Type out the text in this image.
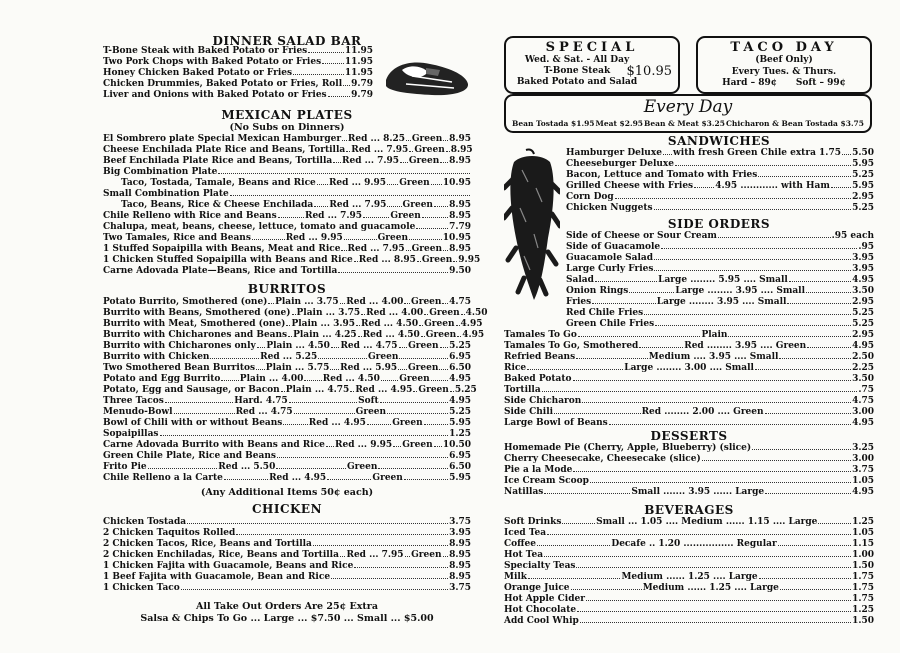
DINNER SALAD BAR
T-Bone Steak with Baked Potato or Fries	11.95
Two Pork Chops with Baked Potato or Fries	11.95
Honey Chicken Baked Potato or Fries	11.95
Chicken Drummies, Baked Potato or Fries, Roll 9.79
Liver and Onions with Baked Potato or Fries	9.79
MEXICAN PLATES
(No Subs on Dinners)
El Sombrero plate Special Mexican Hamburger Red ... 8.25 Green 8.95
Cheese Enchilada Plate Rice and Beans, Tortilla Red ... 7.95 Green 8.95
Beef Enchilada Plate Rice and Beans, Tortilla Red ... 7.95 Green 8.95
Big Combination Plate
Taco, Tostada, Tamale, Beans and Rice Red ... 9.95 Green 10.95
Small Combination Plate
Taco, Beans, Rice & Cheese Enchilada Red ... 7.95 Green 8.95
Chile Relleno with Rice and Beans	Red ... 7.95	Green	8.95
Chalupa, meat, beans, cheese, lettuce, tomato and guacamole	7.79
Two Tamales, Rice and Beans	Red ... 9.95	Green	10.95
1 Stuffed Sopaipilla with Beans, Meat and Rice Red ... 7.95 Green 8.95
1 Chicken Stuffed Sopaipilla with Beans and Rice Red ... 8.95 Green 9.95
Carne Adovada Plate—Beans, Rice and Tortilla	9.50
BURRITOS
Potato Burrito, Smothered (one) Plain ... 3.75 Red ... 4.00 Green 4.75
Burrito with Beans, Smothered (one) Plain ... 3.75 Red ... 4.00 Green 4.50
Burrito with Meat, Smothered (one) Plain ... 3.95 Red ... 4.50 Green 4.95
Burrito with Chicharones and Beans Plain ... 4.25 Red ... 4.50 Green 4.95
Burrito with Chicharones only Plain ... 4.50 Red ... 4.75 Green 5.25
Burrito with Chicken	Red ... 5.25	Green	6.95
Two Smothered Bean Burritos Plain ... 5.75 Red ... 5.95 Green 6.50
Potato and Egg Burrito Plain ... 4.00 Red ... 4.50 Green 4.95
Potato, Egg and Sausage, or Bacon Plain ... 4.75 Red ... 4.95 Green 5.25
Three Tacos	Hard. 4.75	Soft	4.95
Menudo-Bowl	Red ... 4.75	Green	5.25
Bowl of Chili with or without Beans	Red ... 4.95	Green	5.95
Sopaipillas	1.25
Carne Adovada Burrito with Beans and Rice Red ... 9.95 Green 10.50
Green Chile Plate, Rice and Beans	6.95
Frito Pie	Red ... 5.50	Green	6.50
Chile Relleno a la Carte	Red ... 4.95	Green	5.95
(Any Additional Items 50¢ each)
CHICKEN
Chicken Tostada	3.75
2 Chicken Taquitos Rolled	3.95
2 Chicken Tacos, Rice, Beans and Tortilla	8.95
2 Chicken Enchiladas, Rice, Beans and Tortilla Red ... 7.95 Green 8.95
1 Chicken Fajita with Guacamole, Beans and Rice	8.95
1 Beef Fajita with Guacamole, Bean and Rice	8.95
1 Chicken Taco	3.75
All Take Out Orders Are 25¢ Extra
Salsa & Chips To Go ... Large ... $7.50 ... Small ... $5.00
SPECIAL
Wed. & Sat. - All Day
T-Bone Steak
Baked Potato and Salad
$10.95
TACO DAY
(Beef Only)
Every Tues. & Thurs.
Hard – 89¢      Soft – 99¢
Every Day
Bean Tostada $1.95 Meat $2.95 Bean & Meat $3.25 Chicharon & Bean Tostada $3.75
SANDWICHES
Hamburger Deluxe with fresh Green Chile extra 1.75 5.50
Cheeseburger Deluxe	5.95
Bacon, Lettuce and Tomato with Fries	5.25
Grilled Cheese with Fries 4.95 ............ with Ham 5.95
Corn Dog	2.95
Chicken Nuggets	5.25
SIDE ORDERS
Side of Cheese or Sour Cream	.95 each
Side of Guacamole	.95
Guacamole Salad	3.95
Large Curly Fries	3.95
Salad	Large ........ 5.95 .... Small	4.95
Onion Rings	Large ........ 3.95 .... Small	3.50
Fries	Large ........ 3.95 .... Small	2.95
Red Chile Fries	5.25
Green Chile Fries	5.25
Tamales To Go	Plain	2.95
Tamales To Go, Smothered	Red ........ 3.95 .... Green	4.95
Refried Beans	Medium .... 3.95 .... Small	2.50
Rice	Large ........ 3.00 .... Small	2.25
Baked Potato	3.50
Tortilla	.75
Side Chicharon	4.75
Side Chili	Red ........ 2.00 .... Green	3.00
Large Bowl of Beans	4.95
DESSERTS
Homemade Pie (Cherry, Apple, Blueberry) (slice)	3.25
Cherry Cheesecake, Cheesecake (slice)	3.00
Pie a la Mode	3.75
Ice Cream Scoop	1.05
Natillas	Small ....... 3.95 ...... Large	4.95
BEVERAGES
Soft Drinks	Small ... 1.05 .... Medium ...... 1.15 .... Large	1.25
Iced Tea	1.05
Coffee	Decafe .. 1.20 ................ Regular	1.15
Hot Tea	1.00
Specialty Teas	1.50
Milk	Medium ...... 1.25 .... Large	1.75
Orange Juice	Medium ...... 1.25 .... Large	1.75
Hot Apple Cider	1.75
Hot Chocolate	1.25
Add Cool Whip	1.50
